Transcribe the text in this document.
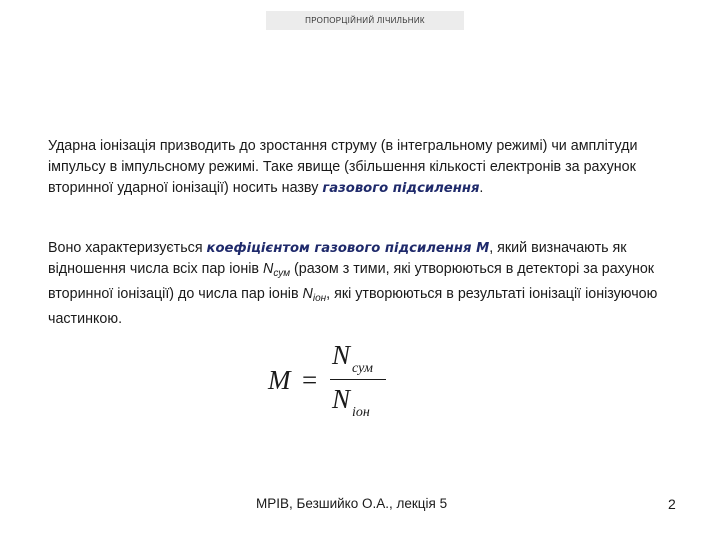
ПРОПОРЦІЙНИЙ ЛІЧИЛЬНИК

Ударна іонізація призводить до зростання струму (в інтегральному режимі) чи амплітуди імпульсу в імпульсному режимі. Таке явище (збільшення кількості електронів за рахунок вторинної ударної іонізації) носить назву газового підсилення.

Воно характеризується коефіцієнтом газового підсилення М, який визначають як відношення числа всіх пар іонів $N_{сум}$ (разом з тими, які утворюються в детекторі за рахунок вторинної іонізації) до числа пар іонів $N_{іон}$, які утворюються в результаті іонізації іонізуючою частинкою.

M =
N $_{сум}$
N $_{іон}$
МРІВ, Безшийко О.А., лекція 5	2
